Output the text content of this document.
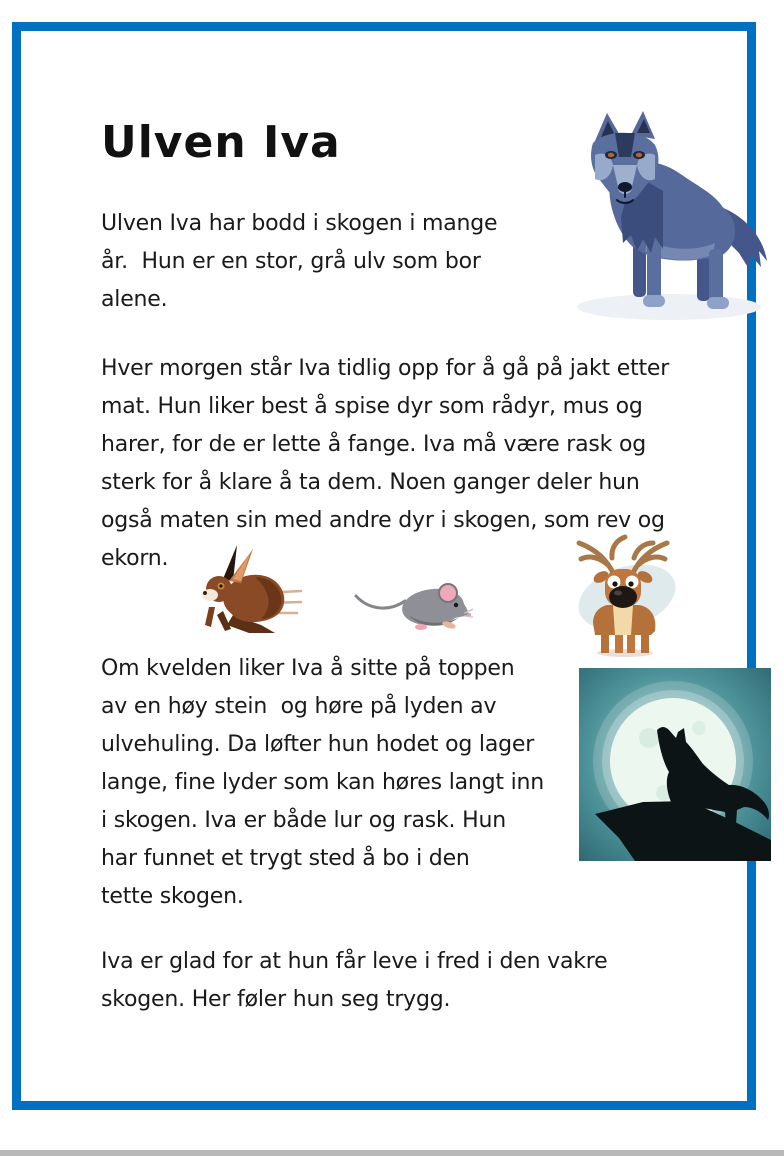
Ulven Iva
Ulven Iva har bodd i skogen i mange
år.  Hun er en stor, grå ulv som bor
alene.
Hver morgen står Iva tidlig opp for å gå på jakt etter
mat. Hun liker best å spise dyr som rådyr, mus og
harer, for de er lette å fange. Iva må være rask og
sterk for å klare å ta dem. Noen ganger deler hun
også maten sin med andre dyr i skogen, som rev og
ekorn.
Om kvelden liker Iva å sitte på toppen
av en høy stein  og høre på lyden av
ulvehuling. Da løfter hun hodet og lager
lange, fine lyder som kan høres langt inn
i skogen. Iva er både lur og rask. Hun
har funnet et trygt sted å bo i den
tette skogen.
Iva er glad for at hun får leve i fred i den vakre
skogen. Her føler hun seg trygg.
